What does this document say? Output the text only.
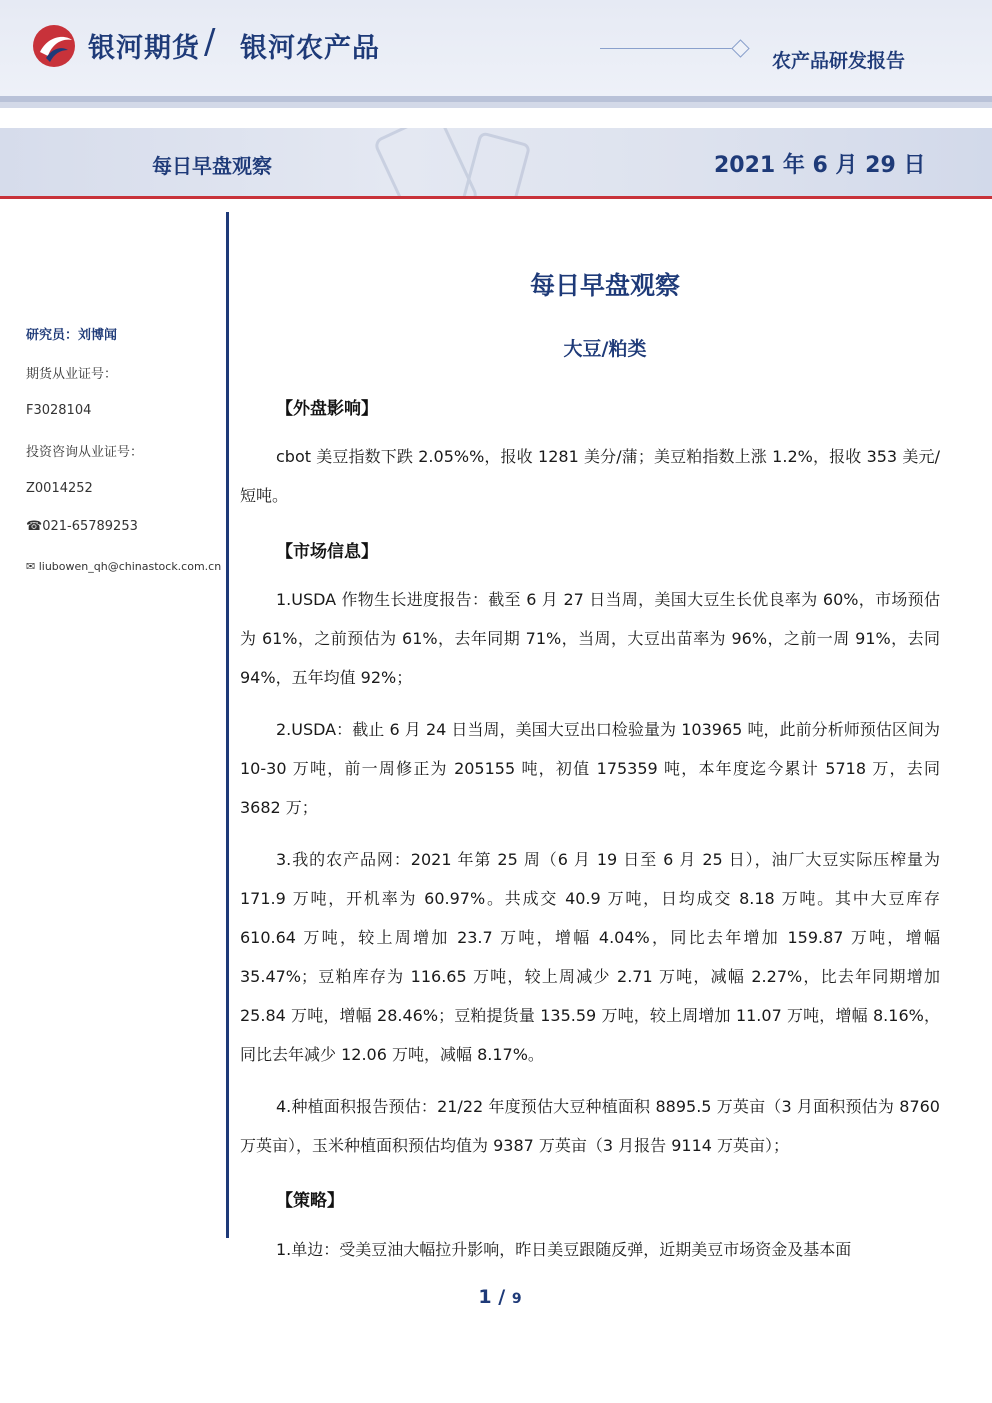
银河期货 / 银河农产品	农产品研发报告
每日早盘观察	2021 年 6 月 29 日
研究员：刘博闻
期货从业证号：
F3028104
投资咨询从业证号：
Z0014252
☎021-65789253
✉ liubowen_qh@chinastock.com.cn
每日早盘观察
大豆/粕类
【外盘影响】

cbot 美豆指数下跌 2.05%%，报收 1281 美分/蒲；美豆粕指数上涨 1.2%，报收 353 美元/短吨。

【市场信息】

1.USDA 作物生长进度报告：截至 6 月 27 日当周，美国大豆生长优良率为 60%，市场预估为 61%，之前预估为 61%，去年同期 71%，当周，大豆出苗率为 96%，之前一周 91%，去同 94%，五年均值 92%；

2.USDA：截止 6 月 24 日当周，美国大豆出口检验量为 103965 吨，此前分析师预估区间为 10-30 万吨，前一周修正为 205155 吨，初值 175359 吨，本年度迄今累计 5718 万，去同 3682 万；

3.我的农产品网：2021 年第 25 周（6 月 19 日至 6 月 25 日），油厂大豆实际压榨量为 171.9 万吨，开机率为 60.97%。共成交 40.9 万吨，日均成交 8.18 万吨。其中大豆库存 610.64 万吨，较上周增加 23.7 万吨，增幅 4.04%，同比去年增加 159.87 万吨，增幅 35.47%；豆粕库存为 116.65 万吨，较上周减少 2.71 万吨，减幅 2.27%，比去年同期增加 25.84 万吨，增幅 28.46%；豆粕提货量 135.59 万吨，较上周增加 11.07 万吨，增幅 8.16%，同比去年减少 12.06 万吨，减幅 8.17%。

4.种植面积报告预估：21/22 年度预估大豆种植面积 8895.5 万英亩（3 月面积预估为 8760 万英亩），玉米种植面积预估均值为 9387 万英亩（3 月报告 9114 万英亩）；

【策略】

1.单边：受美豆油大幅拉升影响，昨日美豆跟随反弹，近期美豆市场资金及基本面

1 / 9
